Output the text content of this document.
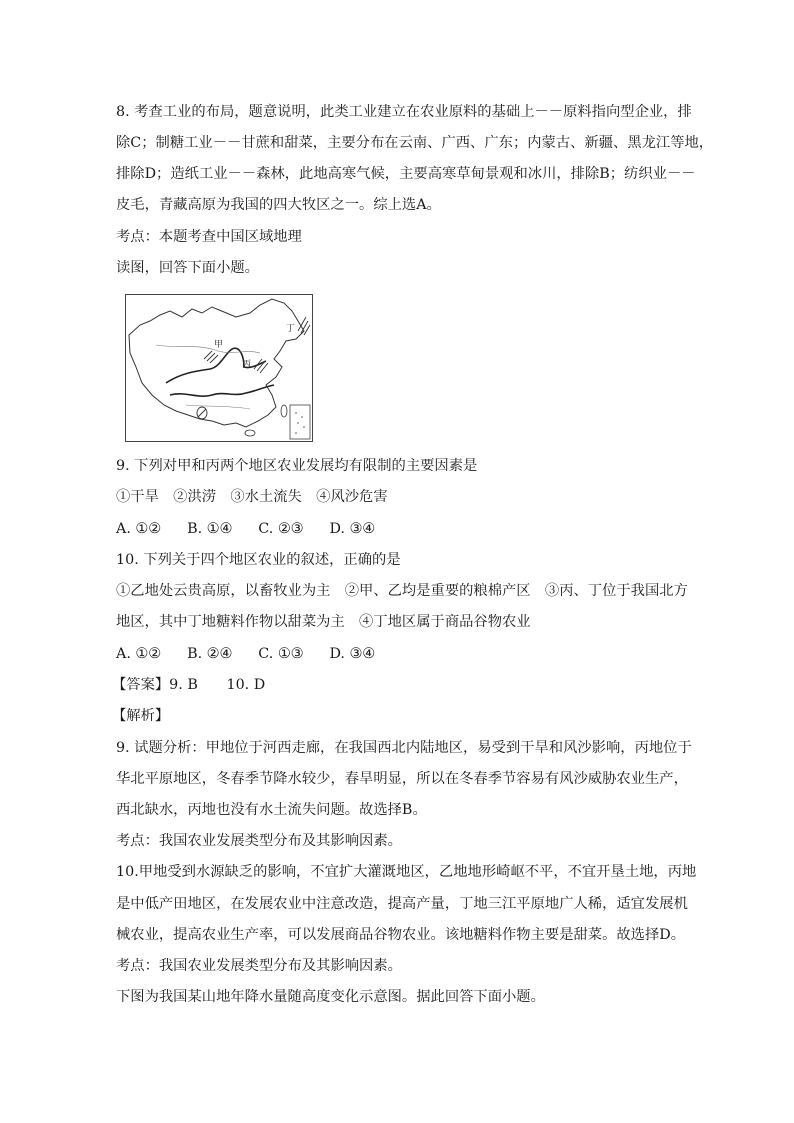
8. 考查工业的布局，题意说明，此类工业建立在农业原料的基础上－－原料指向型企业，排
除C；制糖工业－－甘蔗和甜菜，主要分布在云南、广西、广东；内蒙古、新疆、黑龙江等地，
排除D；造纸工业－－森林，此地高寒气候，主要高寒草甸景观和冰川，排除B；纺织业－－
皮毛，青藏高原为我国的四大牧区之一。综上选A。
考点：本题考查中国区域地理
读图，回答下面小题。
甲
丙
丁
9. 下列对甲和丙两个地区农业发展均有限制的主要因素是
①干旱　②洪涝　③水土流失　④风沙危害
A. ①② B. ①④ C. ②③ D. ③④
10. 下列关于四个地区农业的叙述，正确的是
①乙地处云贵高原，以畜牧业为主　②甲、乙均是重要的粮棉产区　③丙、丁位于我国北方
地区，其中丁地糖料作物以甜菜为主　④丁地区属于商品谷物农业
A. ①② B. ②④ C. ①③ D. ③④
【答案】9. B　　10. D
【解析】
9. 试题分析：甲地位于河西走廊，在我国西北内陆地区，易受到干旱和风沙影响，丙地位于
华北平原地区，冬春季节降水较少，春旱明显，所以在冬春季节容易有风沙威胁农业生产，
西北缺水，丙地也没有水土流失问题。故选择B。
考点：我国农业发展类型分布及其影响因素。
10.甲地受到水源缺乏的影响，不宜扩大灌溉地区，乙地地形崎岖不平，不宜开垦土地，丙地
是中低产田地区，在发展农业中注意改造，提高产量，丁地三江平原地广人稀，适宜发展机
械农业，提高农业生产率，可以发展商品谷物农业。该地糖料作物主要是甜菜。故选择D。
考点：我国农业发展类型分布及其影响因素。
下图为我国某山地年降水量随高度变化示意图。据此回答下面小题。
